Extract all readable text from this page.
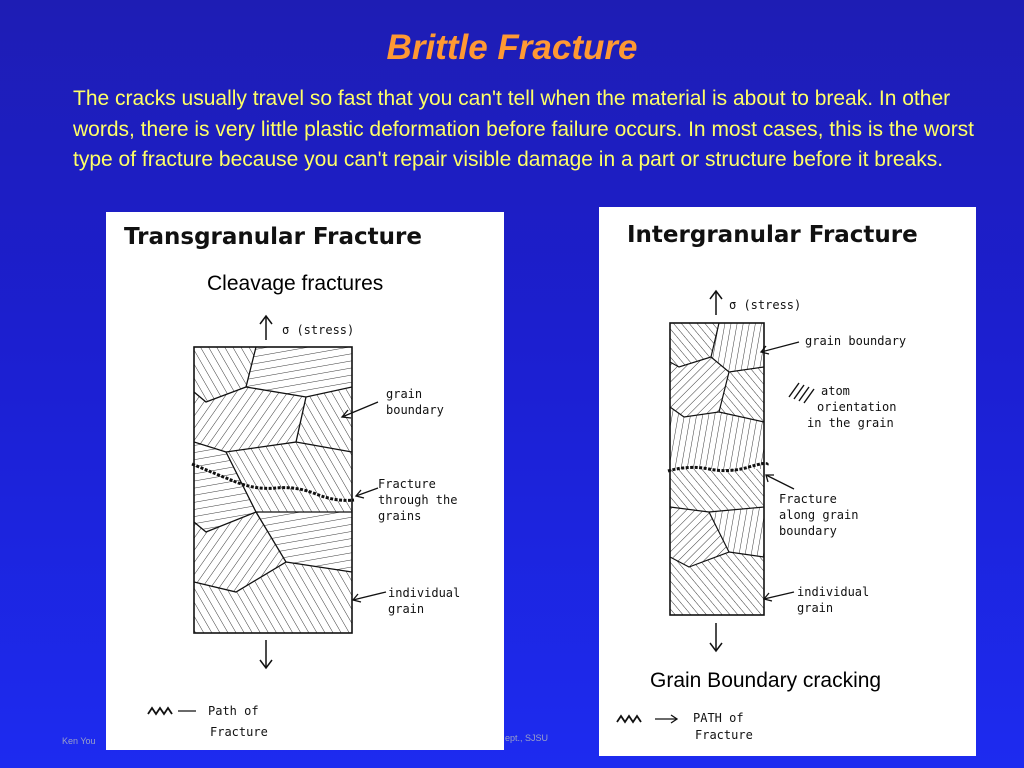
Brittle Fracture
The cracks usually travel so fast that you can't tell when the material is about to break. In other words, there is very little plastic deformation before failure occurs. In most cases, this is the worst type of fracture because you can't repair visible damage in a part or structure before it breaks.
Ken You	ept., SJSU
Transgranular Fracture
Cleavage fractures
σ (stress)
grain
boundary
Fracture
through the
grains
individual
grain
Path of
Fracture
Intergranular Fracture
Grain Boundary cracking
σ (stress)
grain boundary
atom
orientation
in the grain
Fracture
along grain
boundary
individual
grain
PATH of
Fracture
